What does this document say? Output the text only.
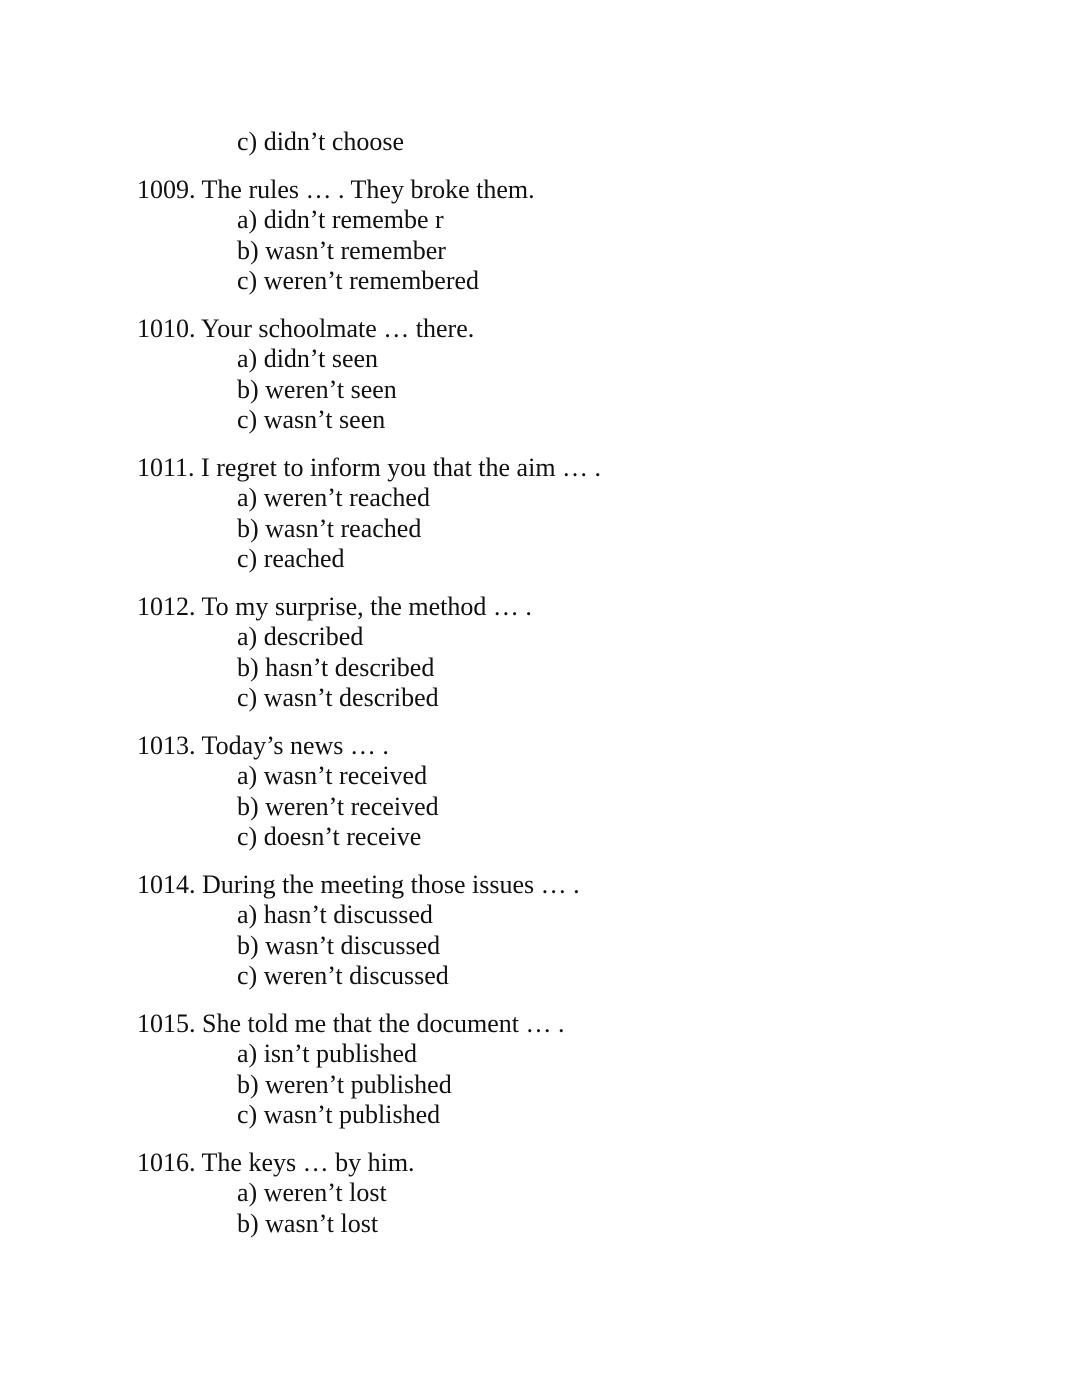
c) didn’t choose
1009. The rules … . They broke them.
a) didn’t remembe r
b) wasn’t remember
c) weren’t remembered
1010. Your schoolmate … there.
a) didn’t seen
b) weren’t seen
c) wasn’t seen
1011. I regret to inform you that the aim … .
a) weren’t reached
b) wasn’t reached
c) reached
1012. To my surprise, the method … .
a) described
b) hasn’t described
c) wasn’t described
1013. Today’s news … .
a) wasn’t received
b) weren’t received
c) doesn’t receive
1014. During the meeting those issues … .
a) hasn’t discussed
b) wasn’t discussed
c) weren’t discussed
1015. She told me that the document … .
a) isn’t published
b) weren’t published
c) wasn’t published
1016. The keys … by him.
a) weren’t lost
b) wasn’t lost
